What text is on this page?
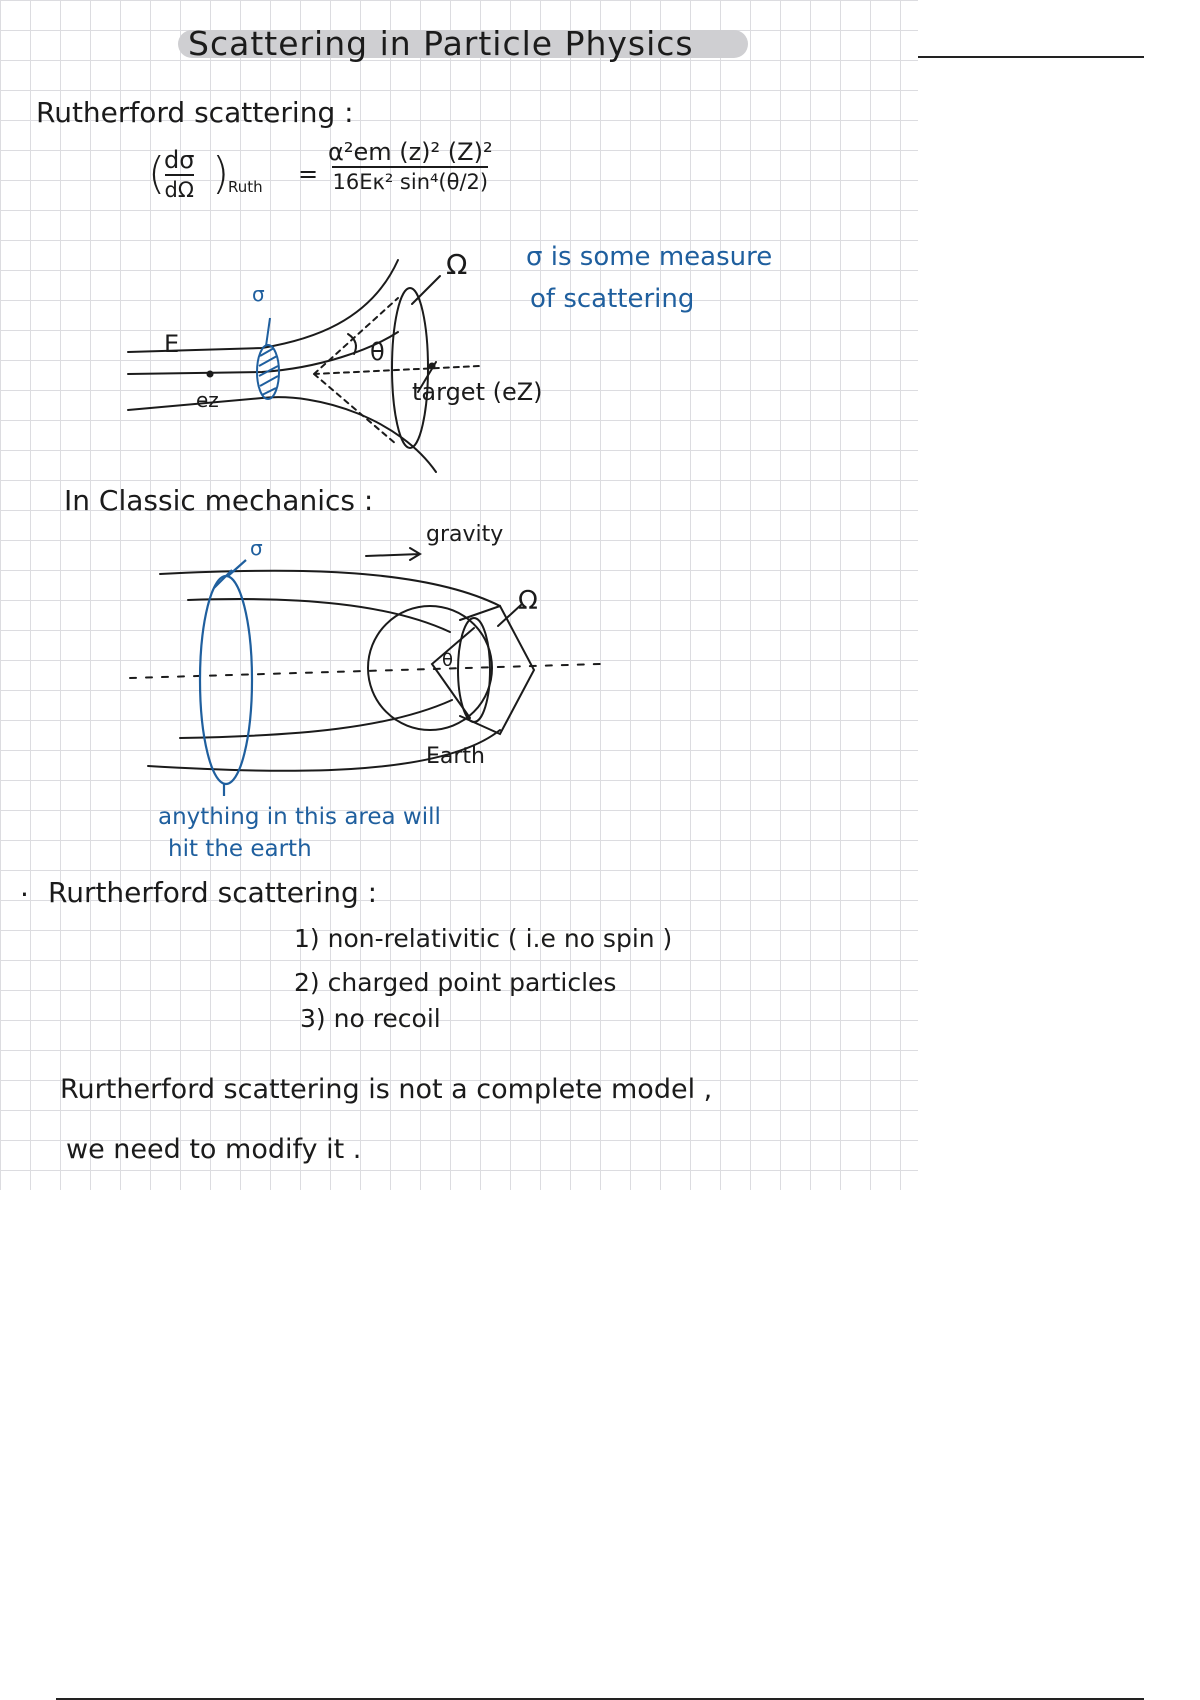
Scattering in Particle Physics
Rutherford scattering :
(
$\frac{d\sigma}{d\Omega}$ )
Ruth = $\frac{\text{α²em (z)² (Z)²}}{\text{16Eκ² sin⁴(θ/2)}}$
σ is some measure
of scattering
σ
Ω
E
ez
θ
target (eZ)
In Classic mechanics :
σ
gravity
Ω
θ
Earth
anything in this area will
hit the earth
· Rurtherford scattering :
1) non-relativitic ( i.e no spin )
2) charged point particles
3) no recoil
Rurtherford scattering is not a complete model ,
we need to modify it .
